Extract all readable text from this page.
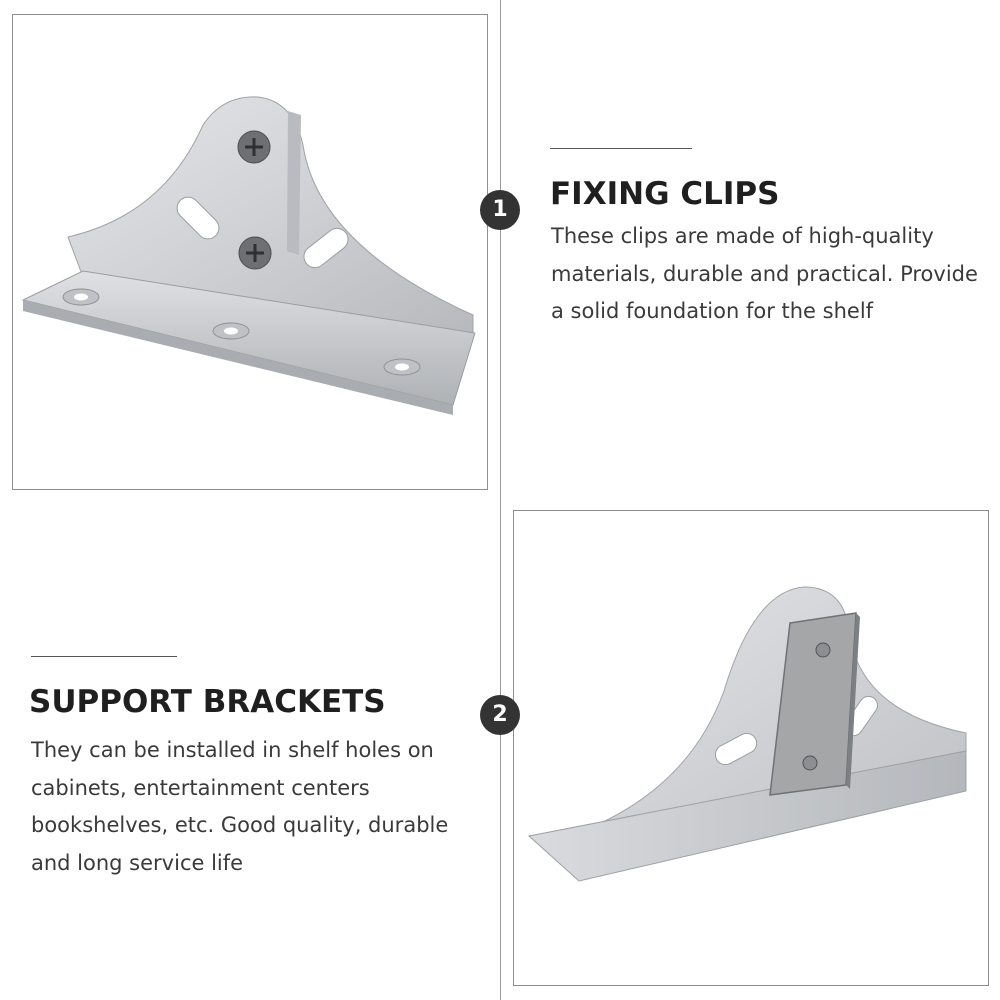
1
2
FIXING CLIPS

These clips are made of high-quality materials, durable and practical. Provide a solid foundation for the shelf

SUPPORT BRACKETS

They can be installed in shelf holes on cabinets, entertainment centers bookshelves, etc. Good quality, durable and long service life
